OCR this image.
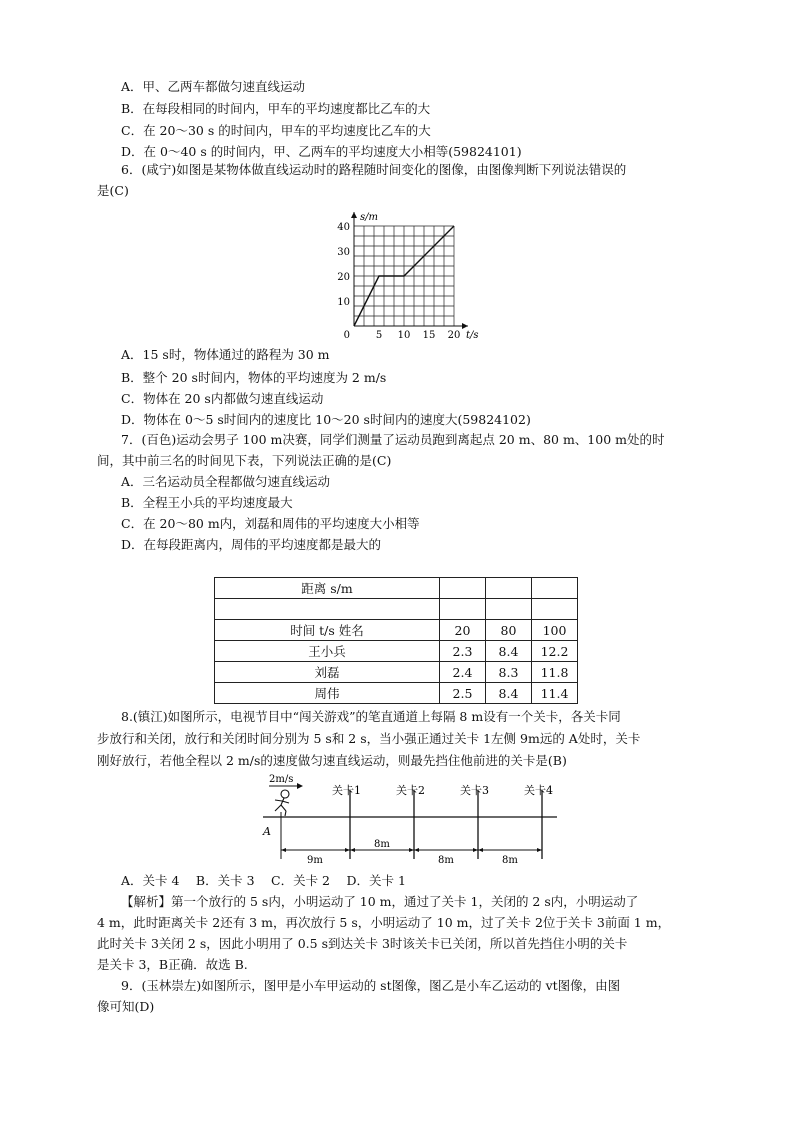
A．甲、乙两车都做匀速直线运动
B．在每段相同的时间内，甲车的平均速度都比乙车的大
C．在 20～30 s 的时间内，甲车的平均速度比乙车的大
D．在 0～40 s 的时间内，甲、乙两车的平均速度大小相等(59824101)
6．(咸宁)如图是某物体做直线运动时的路程随时间变化的图像，由图像判断下列说法错误的
是(C)
5 10 15 20
10
20
30
40
0	t/s
s/m
A．15 s时，物体通过的路程为 30 m
B．整个 20 s时间内，物体的平均速度为 2 m/s
C．物体在 20 s内都做匀速直线运动
D．物体在 0～5 s时间内的速度比 10～20 s时间内的速度大(59824102)
7．(百色)运动会男子 100 m决赛，同学们测量了运动员跑到离起点 20 m、80 m、100 m处的时
间，其中前三名的时间见下表，下列说法正确的是(C)
A．三名运动员全程都做匀速直线运动
B．全程王小兵的平均速度最大
C．在 20～80 m内，刘磊和周伟的平均速度大小相等
D．在每段距离内，周伟的平均速度都是最大的
距离 s/m			

时间 t/s 姓名	20	80	100
王小兵	2.3	8.4	12.2
刘磊	2.4	8.3	11.8
周伟	2.5	8.4	11.4
8.(镇江)如图所示，电视节目中“闯关游戏”的笔直通道上每隔 8 m设有一个关卡，各关卡同
步放行和关闭，放行和关闭时间分别为 5 s和 2 s，当小强正通过关卡 1左侧 9m远的 A处时，关卡
刚好放行，若他全程以 2 m/s的速度做匀速直线运动，则最先挡住他前进的关卡是(B)
2m/s
A
关卡1	关卡2	关卡3	关卡4
9m
8m
8m	8m
A．关卡 4　 B．关卡 3　 C．关卡 2　 D．关卡 1
【解析】第一个放行的 5 s内，小明运动了 10 m，通过了关卡 1，关闭的 2 s内，小明运动了
4 m，此时距离关卡 2还有 3 m，再次放行 5 s，小明运动了 10 m，过了关卡 2位于关卡 3前面 1 m，
此时关卡 3关闭 2 s，因此小明用了 0.5 s到达关卡 3时该关卡已关闭，所以首先挡住小明的关卡
是关卡 3，B正确．故选 B.
9．(玉林崇左)如图所示，图甲是小车甲运动的 st图像，图乙是小车乙运动的 vt图像，由图
像可知(D)
